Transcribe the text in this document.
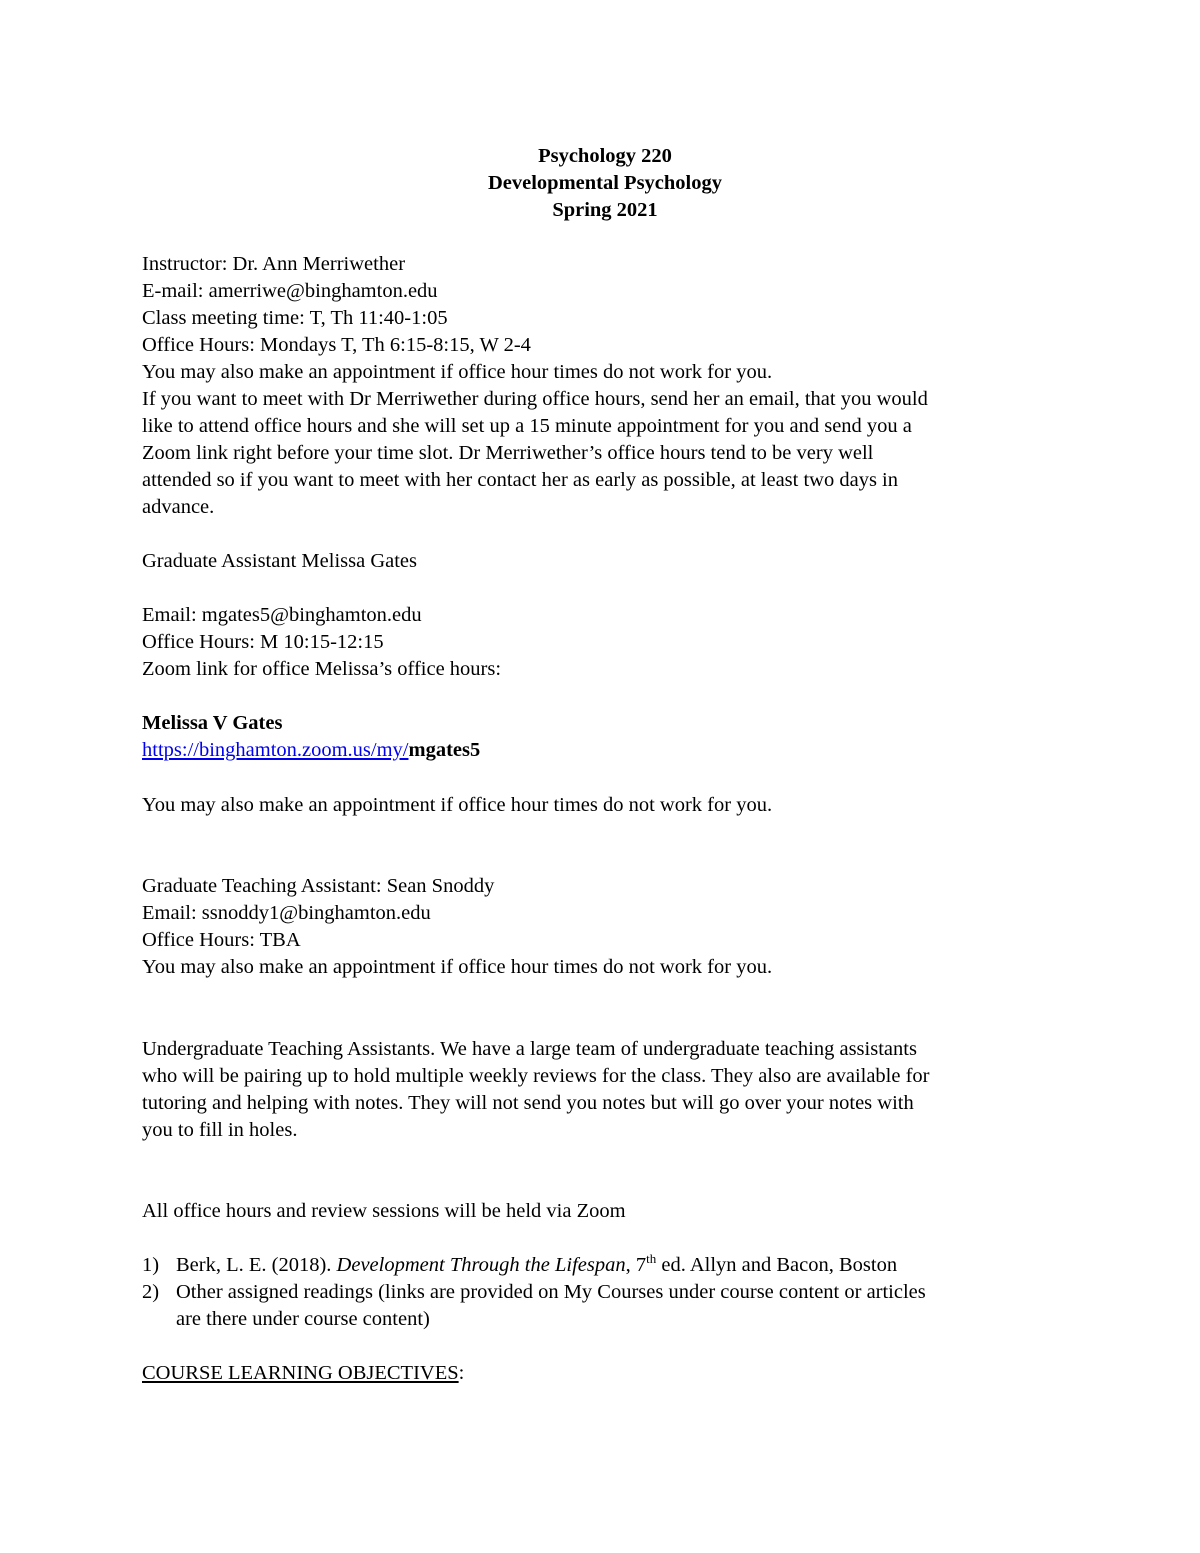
Psychology 220
Developmental Psychology
Spring 2021
Instructor: Dr. Ann Merriwether
E-mail: amerriwe@binghamton.edu
Class meeting time: T, Th 11:40-1:05
Office Hours: Mondays T, Th 6:15-8:15, W 2-4
You may also make an appointment if office hour times do not work for you.
If you want to meet with Dr Merriwether during office hours, send her an email, that you would
like to attend office hours and she will set up a 15 minute appointment for you and send you a
Zoom link right before your time slot. Dr Merriwether’s office hours tend to be very well
attended so if you want to meet with her contact her as early as possible, at least two days in
advance.
Graduate Assistant Melissa Gates
Email: mgates5@binghamton.edu
Office Hours: M 10:15-12:15
Zoom link for office Melissa’s office hours:
Melissa V Gates
https://binghamton.zoom.us/my/mgates5
You may also make an appointment if office hour times do not work for you.
Graduate Teaching Assistant: Sean Snoddy
Email: ssnoddy1@binghamton.edu
Office Hours: TBA
You may also make an appointment if office hour times do not work for you.
Undergraduate Teaching Assistants. We have a large team of undergraduate teaching assistants
who will be pairing up to hold multiple weekly reviews for the class. They also are available for
tutoring and helping with notes. They will not send you notes but will go over your notes with
you to fill in holes.
All office hours and review sessions will be held via Zoom
1) Berk, L. E. (2018). Development Through the Lifespan, 7th ed. Allyn and Bacon, Boston
2) Other assigned readings (links are provided on My Courses under course content or articles
are there under course content)
COURSE LEARNING OBJECTIVES:
